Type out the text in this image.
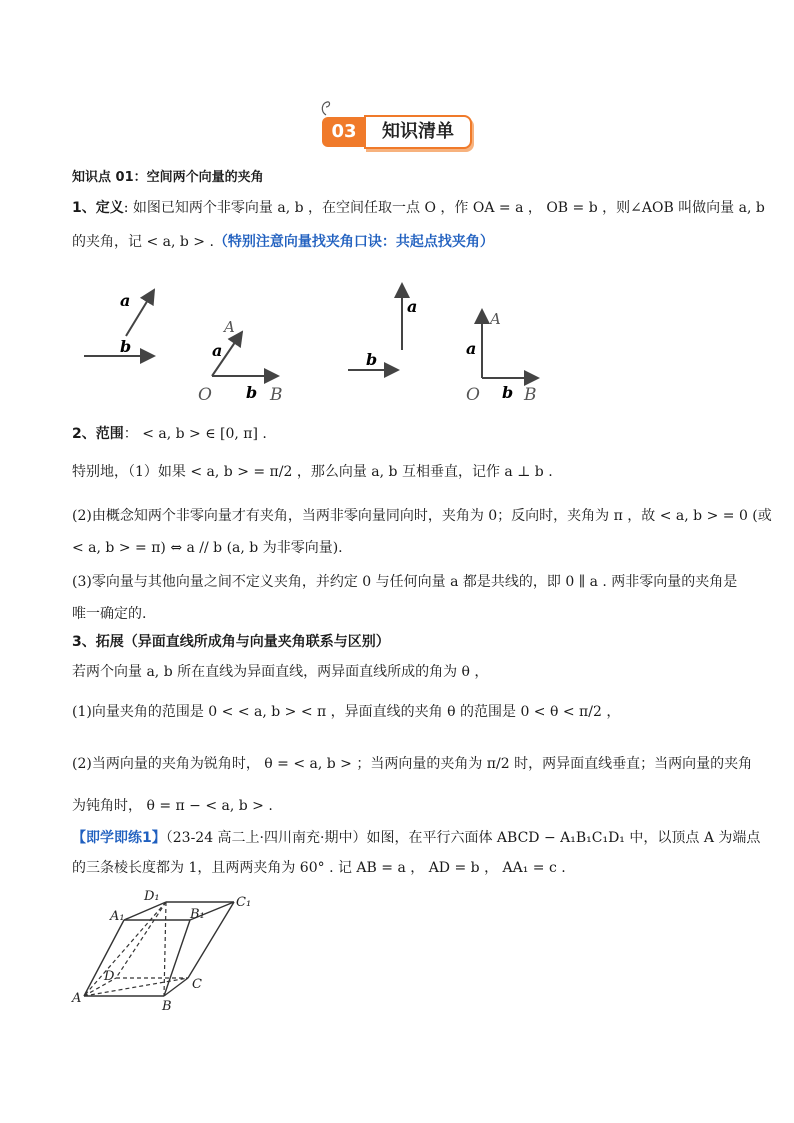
03	知识清单
知识点 01：空间两个向量的夹角
1、定义: 如图已知两个非零向量 a, b ，在空间任取一点 O ，作 OA = a ， OB = b ，则∠AOB 叫做向量 a, b
的夹角，记 < a, b > .（特别注意向量找夹角口诀：共起点找夹角）
a
b
A
a
O b B
a
b
A
a
O b B
2、范围： < a, b > ∈ [0, π] .
特别地，（1）如果 < a, b > = π/2 ，那么向量 a, b 互相垂直，记作 a ⊥ b .
(2)由概念知两个非零向量才有夹角，当两非零向量同向时，夹角为 0；反向时，夹角为 π ，故 < a, b > = 0 (或
< a, b > = π) ⇔ a // b (a, b 为非零向量).
(3)零向量与其他向量之间不定义夹角，并约定 0 与任何向量 a 都是共线的，即 0 ∥ a . 两非零向量的夹角是
唯一确定的.
3、拓展（异面直线所成角与向量夹角联系与区别）
若两个向量 a, b 所在直线为异面直线，两异面直线所成的角为 θ ，
(1)向量夹角的范围是 0 < < a, b > < π ，异面直线的夹角 θ 的范围是 0 < θ < π/2 ，
(2)当两向量的夹角为锐角时， θ = < a, b > ；当两向量的夹角为 π/2 时，两异面直线垂直；当两向量的夹角
为钝角时， θ = π − < a, b > .
【即学即练1】（23-24 高二上·四川南充·期中）如图，在平行六面体 ABCD − A₁B₁C₁D₁ 中，以顶点 A 为端点
的三条棱长度都为 1，且两两夹角为 60° . 记 AB = a ， AD = b ， AA₁ = c .
A
B
C
D
A₁	B₁
C₁
D₁
